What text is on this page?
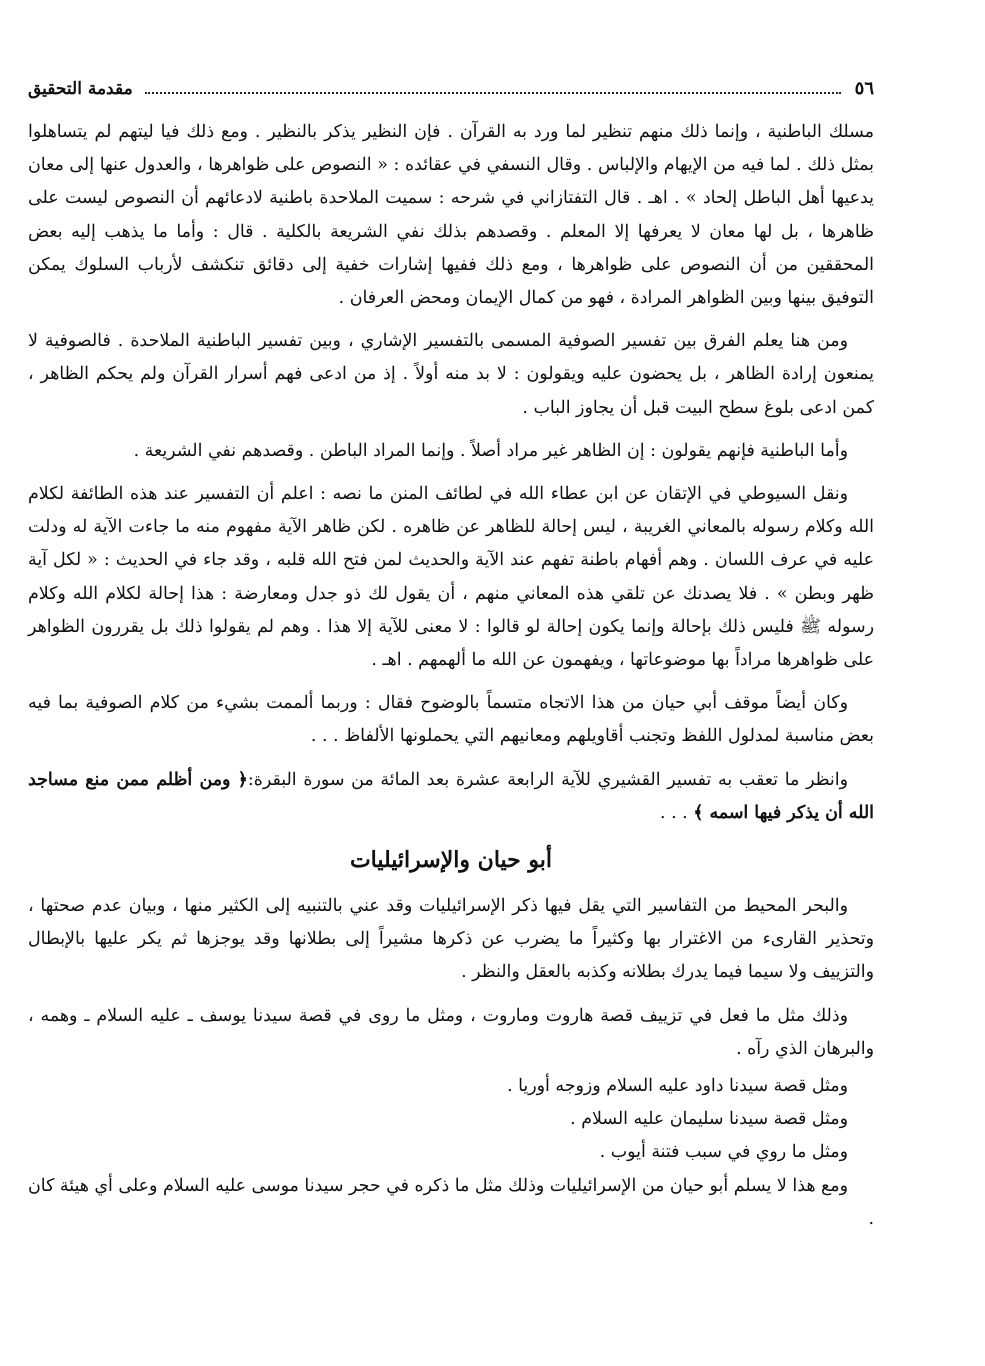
٥٦
مقدمة التحقيق

مسلك الباطنية ، وإنما ذلك منهم تنظير لما ورد به القرآن . فإن النظير يذكر بالنظير . ومع ذلك فيا ليتهم لم يتساهلوا بمثل ذلك . لما فيه من الإيهام والإلباس . وقال النسفي في عقائده : « النصوص على ظواهرها ، والعدول عنها إلى معان يدعيها أهل الباطل إلحاد » . اهـ . قال التفتازاني في شرحه : سميت الملاحدة باطنية لادعائهم أن النصوص ليست على ظاهرها ، بل لها معان لا يعرفها إلا المعلم . وقصدهم بذلك نفي الشريعة بالكلية . قال : وأما ما يذهب إليه بعض المحققين من أن النصوص على ظواهرها ، ومع ذلك ففيها إشارات خفية إلى دقائق تنكشف لأرباب السلوك يمكن التوفيق بينها وبين الظواهر المرادة ، فهو من كمال الإيمان ومحض العرفان .

ومن هنا يعلم الفرق بين تفسير الصوفية المسمى بالتفسير الإشاري ، وبين تفسير الباطنية الملاحدة . فالصوفية لا يمنعون إرادة الظاهر ، بل يحضون عليه ويقولون : لا بد منه أولاً . إذ من ادعى فهم أسرار القرآن ولم يحكم الظاهر ، كمن ادعى بلوغ سطح البيت قبل أن يجاوز الباب .

وأما الباطنية فإنهم يقولون : إن الظاهر غير مراد أصلاً . وإنما المراد الباطن . وقصدهم نفي الشريعة .

ونقل السيوطي في الإتقان عن ابن عطاء الله في لطائف المنن ما نصه : اعلم أن التفسير عند هذه الطائفة لكلام الله وكلام رسوله بالمعاني الغريبة ، ليس إحالة للظاهر عن ظاهره . لكن ظاهر الآية مفهوم منه ما جاءت الآية له ودلت عليه في عرف اللسان . وهم أفهام باطنة تفهم عند الآية والحديث لمن فتح الله قلبه ، وقد جاء في الحديث : « لكل آية ظهر وبطن » . فلا يصدنك عن تلقي هذه المعاني منهم ، أن يقول لك ذو جدل ومعارضة : هذا إحالة لكلام الله وكلام رسوله ﷺ فليس ذلك بإحالة وإنما يكون إحالة لو قالوا : لا معنى للآية إلا هذا . وهم لم يقولوا ذلك بل يقررون الظواهر على ظواهرها مراداً بها موضوعاتها ، ويفهمون عن الله ما ألهمهم . اهـ .

وكان أيضاً موقف أبي حيان من هذا الاتجاه متسماً بالوضوح فقال : وربما ألممت بشيء من كلام الصوفية بما فيه بعض مناسبة لمدلول اللفظ وتجنب أقاويلهم ومعانيهم التي يحملونها الألفاظ . . .

وانظر ما تعقب به تفسير القشيري للآية الرابعة عشرة بعد المائة من سورة البقرة:﴿ ومن أظلم ممن منع مساجد الله أن يذكر فيها اسمه ﴾ . . .

أبو حيان والإسرائيليات

والبحر المحيط من التفاسير التي يقل فيها ذكر الإسرائيليات وقد عني بالتنبيه إلى الكثير منها ، وبيان عدم صحتها ، وتحذير القارىء من الاغترار بها وكثيراً ما يضرب عن ذكرها مشيراً إلى بطلانها وقد يوجزها ثم يكر عليها بالإبطال والتزييف ولا سيما فيما يدرك بطلانه وكذبه بالعقل والنظر .

وذلك مثل ما فعل في تزييف قصة هاروت وماروت ، ومثل ما روى في قصة سيدنا يوسف ـ عليه السلام ـ وهمه ، والبرهان الذي رآه .

ومثل قصة سيدنا داود عليه السلام وزوجه أوريا .

ومثل قصة سيدنا سليمان عليه السلام .

ومثل ما روي في سبب فتنة أيوب .

ومع هذا لا يسلم أبو حيان من الإسرائيليات وذلك مثل ما ذكره في حجر سيدنا موسى عليه السلام وعلى أي هيئة كان .
